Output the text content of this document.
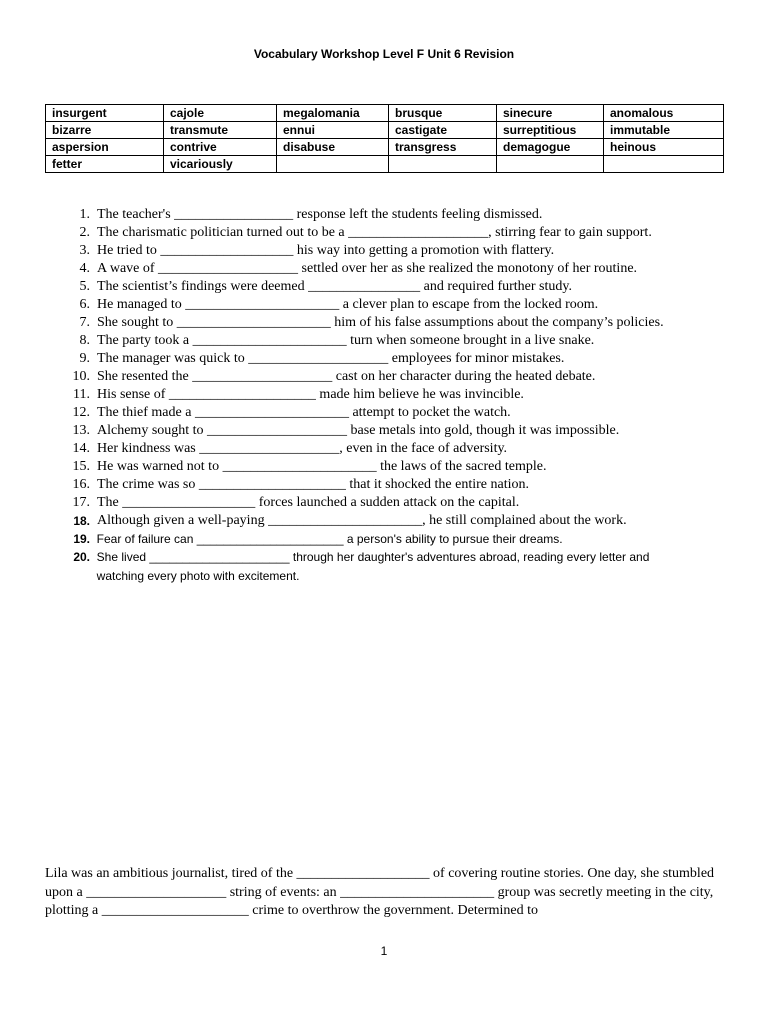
Vocabulary Workshop Level F Unit 6 Revision
insurgent	cajole	megalomania	brusque	sinecure	anomalous
bizarre	transmute	ennui	castigate	surreptitious	immutable
aspersion	contrive	disabuse	transgress	demagogue	heinous
fetter	vicariously				
1.
The teacher's _________________ response left the students feeling dismissed.
2.
The charismatic politician turned out to be a ____________________, stirring fear to gain support.
3.
He tried to ___________________ his way into getting a promotion with flattery.
4.
A wave of ____________________ settled over her as she realized the monotony of her routine.
5.
The scientist’s findings were deemed ________________ and required further study.
6.
He managed to ______________________ a clever plan to escape from the locked room.
7.
She sought to ______________________ him of his false assumptions about the company’s policies.
8.
The party took a ______________________ turn when someone brought in a live snake.
9.
The manager was quick to ____________________ employees for minor mistakes.
10.
She resented the ____________________ cast on her character during the heated debate.
11.
His sense of _____________________ made him believe he was invincible.
12.
The thief made a ______________________ attempt to pocket the watch.
13.
Alchemy sought to ____________________ base metals into gold, though it was impossible.
14.
Her kindness was ____________________, even in the face of adversity.
15.
He was warned not to ______________________ the laws of the sacred temple.
16.
The crime was so _____________________ that it shocked the entire nation.
17.
The ___________________ forces launched a sudden attack on the capital.
18.
Although given a well-paying ______________________, he still complained about the work.
19.
Fear of failure can ______________________ a person's ability to pursue their dreams.
20.
She lived _____________________ through her daughter's adventures abroad, reading every letter and watching every photo with excitement.
Lila was an ambitious journalist, tired of the ___________________ of covering routine stories. One day, she stumbled upon a ____________________ string of events: an ______________________ group was secretly meeting in the city, plotting a _____________________ crime to overthrow the government. Determined to
1
